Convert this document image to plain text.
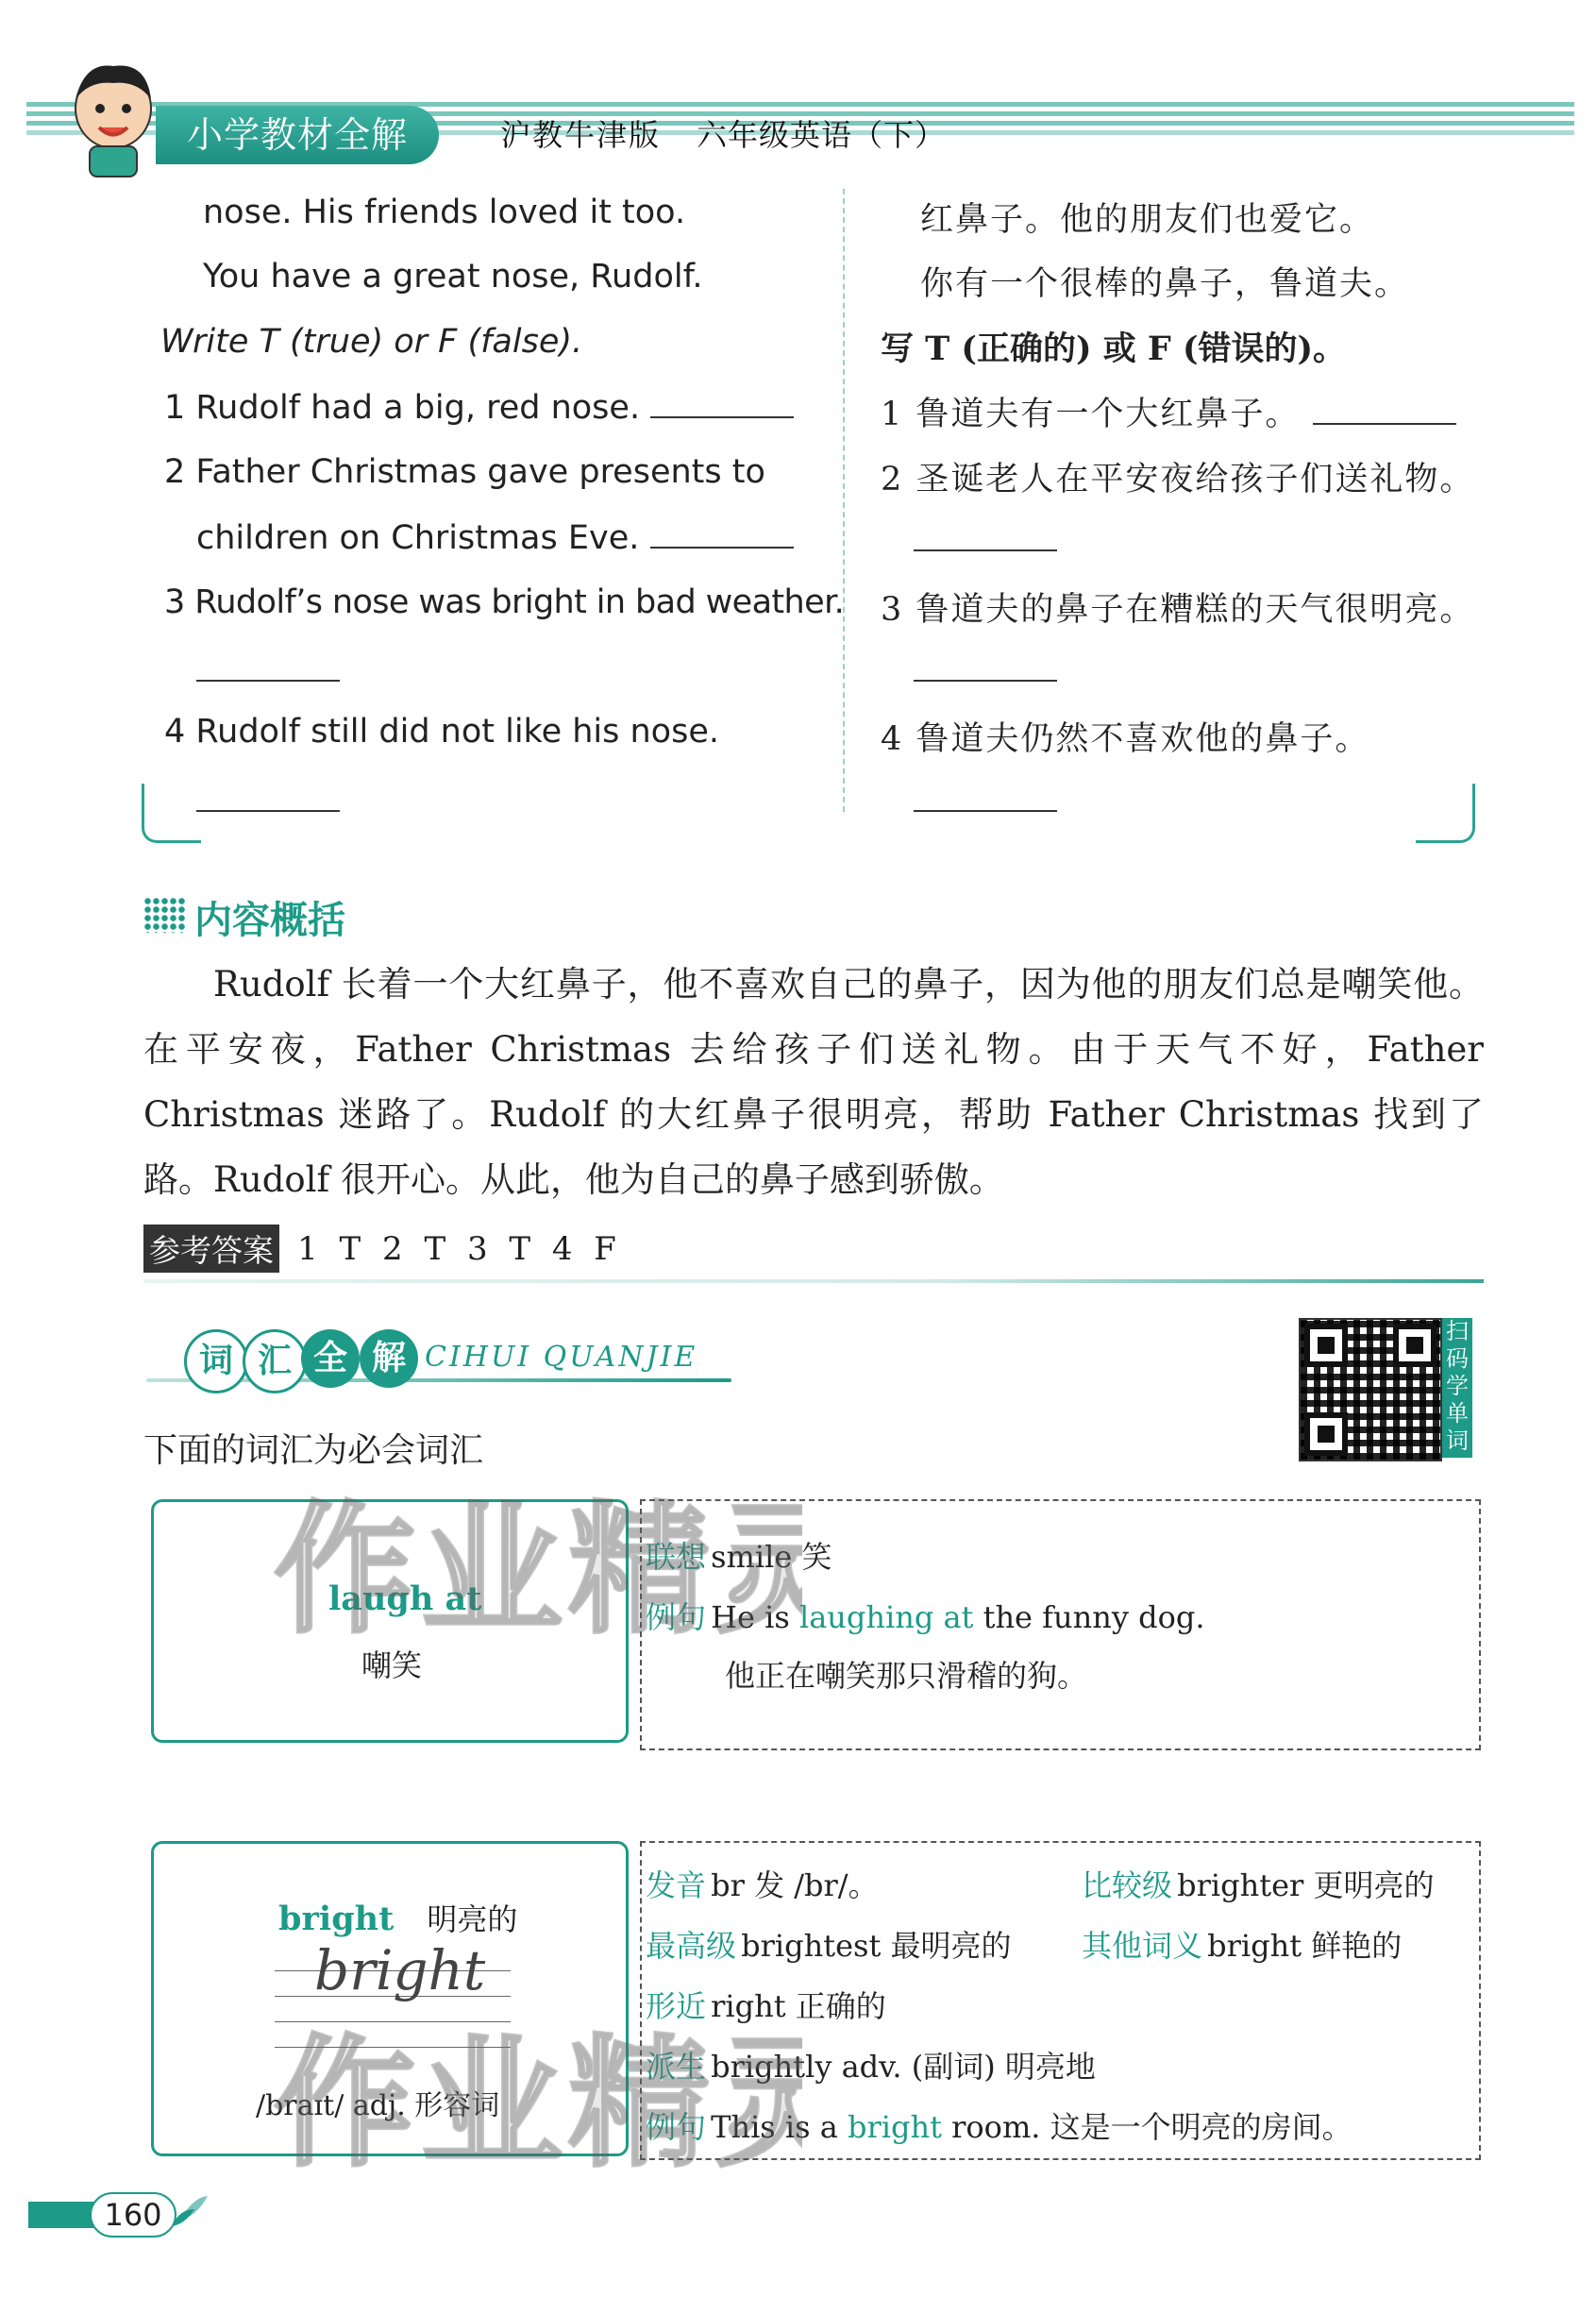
小学教材全解	沪教牛津版 六年级英语（下）
nose. His friends loved it too.
You have a great nose, Rudolf.
红鼻子。他的朋友们也爱它。
你有一个很棒的鼻子，鲁道夫。
Write T (true) or F (false).	写 T (正确的) 或 F (错误的)。
1 Rudolf had a big, red nose.
2 Father Christmas gave presents to
children on Christmas Eve.
3 Rudolf’s nose was bright in bad weather.
4 Rudolf still did not like his nose.
1 鲁道夫有一个大红鼻子。
2 圣诞老人在平安夜给孩子们送礼物。
3 鲁道夫的鼻子在糟糕的天气很明亮。
4 鲁道夫仍然不喜欢他的鼻子。
内容概括
Rudolf 长着一个大红鼻子，他不喜欢自己的鼻子，因为他的朋友们总是嘲笑他。在平安夜，Father Christmas 去给孩子们送礼物。由于天气不好，Father Christmas 迷路了。Rudolf 的大红鼻子很明亮，帮助 Father Christmas 找到了路。Rudolf 很开心。从此，他为自己的鼻子感到骄傲。
参考答案 1 T 2 T 3 T 4 F
词 汇 全 解 CIHUI QUANJIE
下面的词汇为必会词汇
扫码学单词
laugh at
嘲笑
联想 smile 笑
例句 He is laughing at the funny dog.
他正在嘲笑那只滑稽的狗。
作业精灵
bright 明亮的
bright
/braɪt/ adj. 形容词
发音 br 发 /br/。	比较级 brighter 更明亮的
最高级 brightest 最明亮的 其他词义 bright 鲜艳的
形近 right 正确的
派生 brightly adv. (副词) 明亮地
例句 This is a bright room. 这是一个明亮的房间。
作业精灵
160
